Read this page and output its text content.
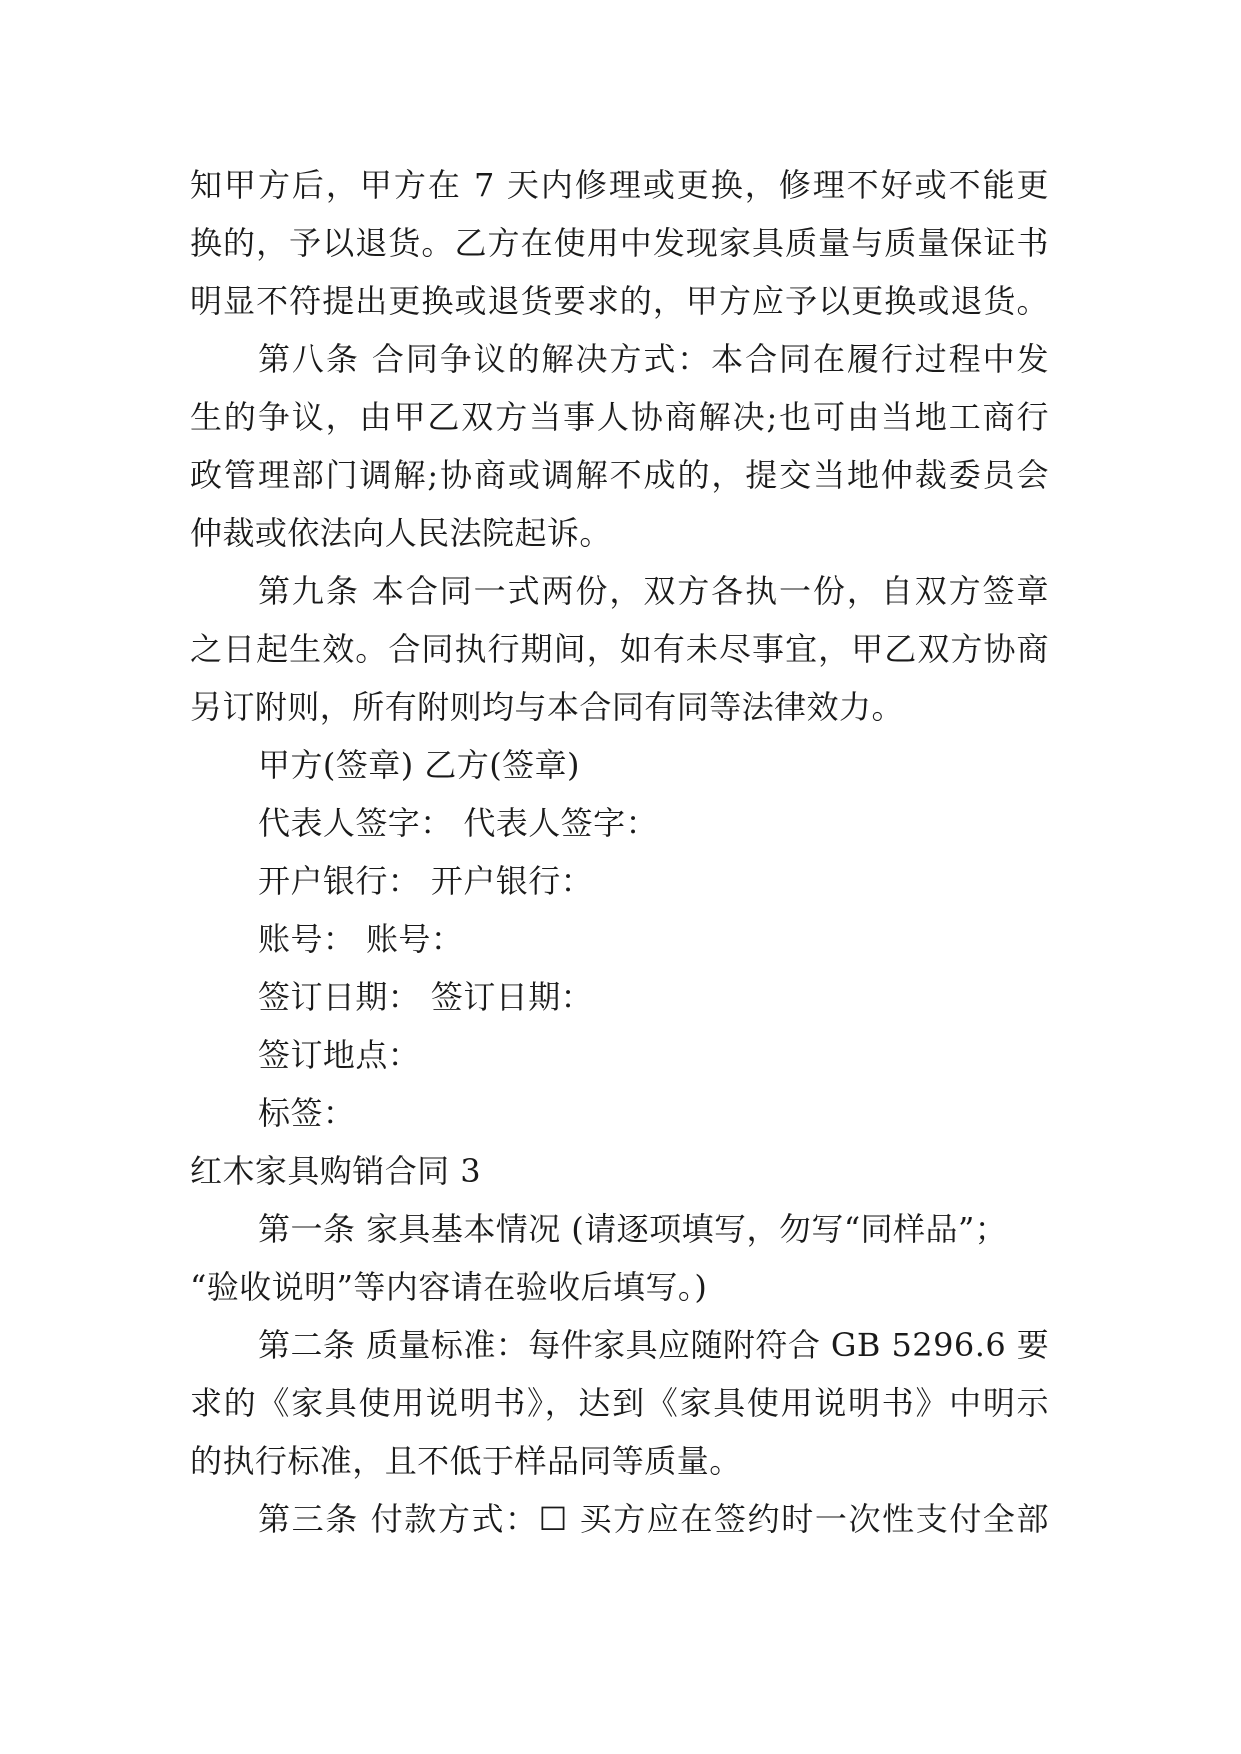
知甲方后，甲方在 7 天内修理或更换，修理不好或不能更

换的，予以退货。乙方在使用中发现家具质量与质量保证书

明显不符提出更换或退货要求的，甲方应予以更换或退货。

第八条 合同争议的解决方式：本合同在履行过程中发

生的争议，由甲乙双方当事人协商解决;也可由当地工商行

政管理部门调解;协商或调解不成的，提交当地仲裁委员会

仲裁或依法向人民法院起诉。

第九条 本合同一式两份，双方各执一份，自双方签章

之日起生效。合同执行期间，如有未尽事宜，甲乙双方协商

另订附则，所有附则均与本合同有同等法律效力。

甲方(签章) 乙方(签章)

代表人签字： 代表人签字：

开户银行： 开户银行：

账号： 账号：

签订日期： 签订日期：

签订地点：

标签：

红木家具购销合同 3

第一条 家具基本情况 (请逐项填写，勿写“同样品”；

“验收说明”等内容请在验收后填写。)

第二条 质量标准：每件家具应随附符合 GB 5296.6 要

求的《家具使用说明书》，达到《家具使用说明书》中明示

的执行标准，且不低于样品同等质量。

第三条 付款方式：☐ 买方应在签约时一次性支付全部
